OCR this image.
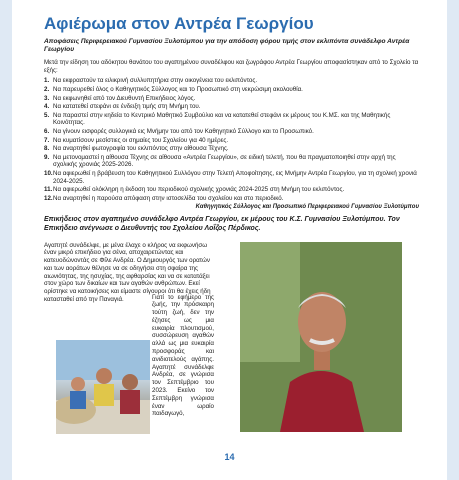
Αφιέρωμα στον Αντρέα Γεωργίου
Αποφάσεις Περιφερειακού Γυμνασίου Ξυλοτύμπου για την απόδοση φόρου τιμής στον εκλιπόντα συνάδελφο Αντρέα Γεωργίου
Μετά την είδηση του αδόκητου θανάτου του αγαπημένου συναδέλφου και ζωγράφου Αντρέα Γεωργίου αποφασίστηκαν από το Σχολείο τα εξής:
1. Να εκφραστούν τα ειλικρινή συλλυπητήρια στην οικογένεια του εκλιπόντος.
2. Να παρευρεθεί όλος ο Καθηγητικός Σύλλογος και το Προσωπικό στη νεκρώσιμη ακολουθία.
3. Να εκφωνηθεί από τον Διευθυντή Επικήδειος λόγος.
4. Να κατατεθεί στεφάνι σε ένδειξη τιμής στη Μνήμη του.
5. Να παραστεί στην κηδεία το Κεντρικό Μαθητικό Συμβούλιο και να κατατεθεί στεφάνι εκ μέρους του Κ.ΜΣ. και της Μαθητικής Κοινότητας.
6. Να γίνουν εισφορές συλλογικά εις Μνήμην του από τον Καθηγητικό Σύλλογο και το Προσωπικό.
7. Να κυματίσουν μεσίστιες οι σημαίες του Σχολείου για 40 ημέρες.
8. Να αναρτηθεί φωτογραφία του εκλιπόντος στην αίθουσα Τέχνης.
9. Να μετονομαστεί η αίθουσα Τέχνης σε αίθουσα «Αντρέα Γεωργίου», σε ειδική τελετή, που θα πραγματοποιηθεί στην αρχή της σχολικής χρονιάς 2025-2026.
10. Να αφιερωθεί η βράβευση του Καθηγητικού Συλλόγου στην Τελετή Αποφοίτησης, εις Μνήμην Αντρέα Γεωργίου, για τη σχολική χρονιά 2024-2025.
11. Να αφιερωθεί ολόκληρη η έκδοση του περιοδικού σχολικής χρονιάς 2024-2025 στη Μνήμη του εκλιπόντος.
12. Να αναρτηθεί η παρούσα απόφαση στην ιστοσελίδα του σχολείου και στο περιοδικό.
Καθηγητικός Σύλλογος και Προσωπικό Περιφερειακού Γυμνασίου Ξυλοτύμπου
Επικήδειος στον αγαπημένο συνάδελφο Αντρέα Γεωργίου, εκ μέρους του Κ.Σ. Γυμνασίου Ξυλοτύμπου. Τον Επικήδειο ανέγνωσε ο Διευθυντής του Σχολείου Λοΐζος Πέρδικος.

Αγαπητέ συνάδελφε, με μένα έλαχε ο κλήρος να εκφωνήσω έναν μικρό επικήδειο για σένα, αποχαιρετώντας και κατευοδώνοντάς σε Φίλε Ανδρέα. Ο Δημιουργός των ορατών και των αοράτων θέλησε να σε οδηγήσει στη σφαίρα της αιωνιότητας, της ησυχίας, της αφθαρσίας και να σε κατατάξει στον χώρο των δικαίων και των αγαθών ανθρώπων. Εκεί ορίστηκε να κατοικήσεις και είμαστε σίγουροι ότι θα έχεις ήδη κατασταθεί από την Παναγιά.	Γιατί το εφήμερο της ζωής, την πρόσκαιρη τούτη ζωή, δεν την έζησες ως μια ευκαιρία πλουτισμού, συσσώρευση αγαθών αλλά ως μια ευκαιρία προσφοράς και ανιδιοτελούς αγάπης. Αγαπητέ συνάδελφε Ανδρέα, σε γνώρισα τον Σεπτέμβριο του 2023. Εκείνο τον Σεπτέμβρη γνώρισα έναν ωραίο παιδαγωγό,
14
